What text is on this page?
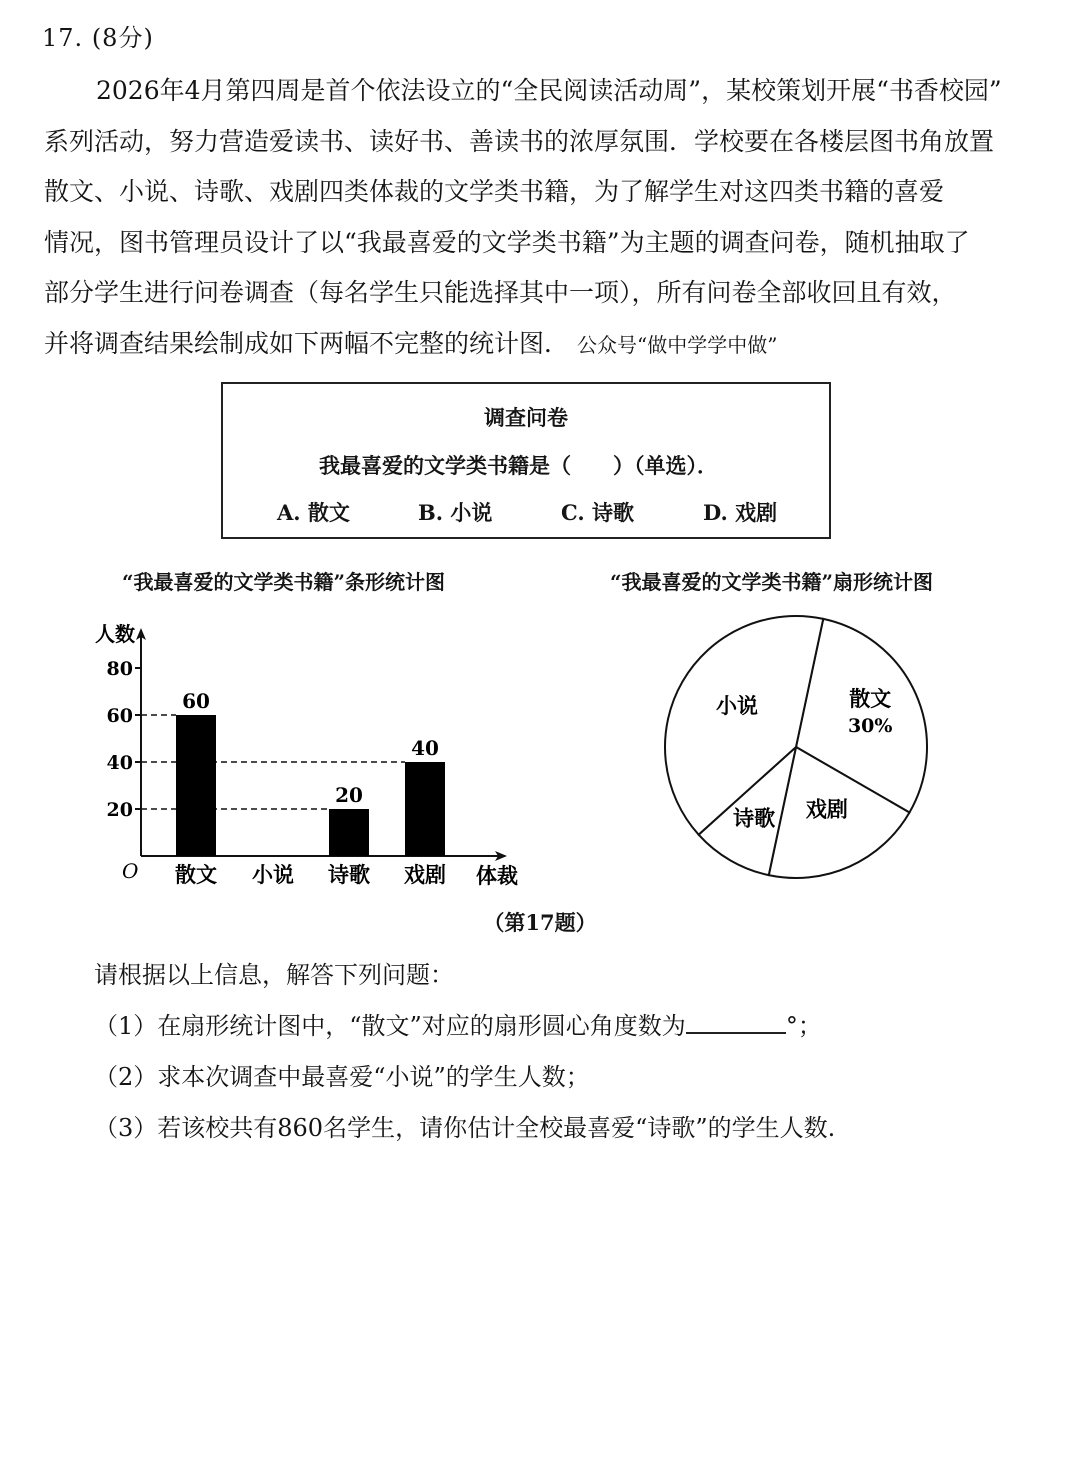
17. (8分)

2026年4月第四周是首个依法设立的“全民阅读活动周”，某校策划开展“书香校园”

系列活动，努力营造爱读书、读好书、善读书的浓厚氛围．学校要在各楼层图书角放置

散文、小说、诗歌、戏剧四类体裁的文学类书籍，为了解学生对这四类书籍的喜爱

情况，图书管理员设计了以“我最喜爱的文学类书籍”为主题的调查问卷，随机抽取了

部分学生进行问卷调查（每名学生只能选择其中一项），所有问卷全部收回且有效，

并将调查结果绘制成如下两幅不完整的统计图． 公众号“做中学学中做”

调查问卷
我最喜爱的文学类书籍是（　　）（单选）．
A. 散文	B. 小说	C. 诗歌	D. 戏剧
“我最喜爱的文学类书籍”条形统计图	“我最喜爱的文学类书籍”扇形统计图
20
40
60
80
散文
60
小说 诗歌
20
戏剧
40
人数
体裁
O
散文
30%
戏剧
诗歌
小说
（第17题）

请根据以上信息，解答下列问题：

（1）在扇形统计图中，“散文”对应的扇形圆心角度数为	°；

（2）求本次调查中最喜爱“小说”的学生人数；

（3）若该校共有860名学生，请你估计全校最喜爱“诗歌”的学生人数.
